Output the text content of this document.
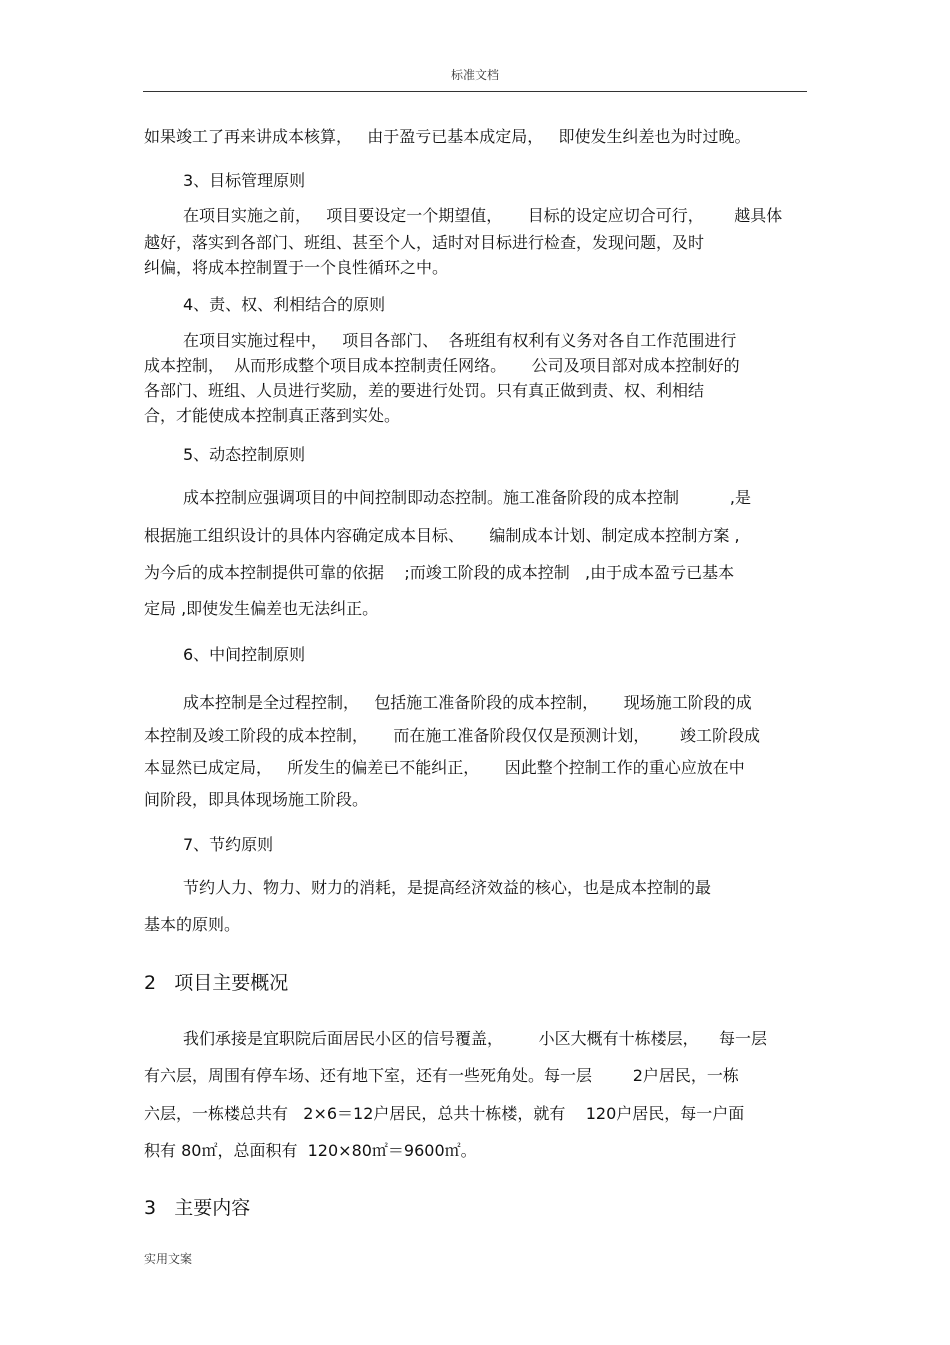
标准文档
如果竣工了再来讲成本核算，   由于盈亏已基本成定局，   即使发生纠差也为时过晚。
3、目标管理原则
在项目实施之前，   项目要设定一个期望值，     目标的设定应切合可行，      越具体
越好，落实到各部门、班组、甚至个人，适时对目标进行检查，发现问题，及时
纠偏，将成本控制置于一个良性循环之中。
4、责、权、利相结合的原则
在项目实施过程中，   项目各部门、  各班组有权利有义务对各自工作范围进行
成本控制，  从而形成整个项目成本控制责任网络。     公司及项目部对成本控制好的
各部门、班组、人员进行奖励，差的要进行处罚。只有真正做到责、权、利相结
合，才能使成本控制真正落到实处。
5、动态控制原则
成本控制应强调项目的中间控制即动态控制。施工准备阶段的成本控制          ,是
根据施工组织设计的具体内容确定成本目标、     编制成本计划、制定成本控制方案 ,
为今后的成本控制提供可靠的依据    ;而竣工阶段的成本控制   ,由于成本盈亏已基本
定局 ,即使发生偏差也无法纠正。
6、中间控制原则
成本控制是全过程控制，   包括施工准备阶段的成本控制，     现场施工阶段的成
本控制及竣工阶段的成本控制，     而在施工准备阶段仅仅是预测计划，      竣工阶段成
本显然已成定局，   所发生的偏差已不能纠正，     因此整个控制工作的重心应放在中
间阶段，即具体现场施工阶段。
7、节约原则
节约人力、物力、财力的消耗，是提高经济效益的核心，也是成本控制的最
基本的原则。
2   项目主要概况
我们承接是宜职院后面居民小区的信号覆盖，       小区大概有十栋楼层，    每一层
有六层，周围有停车场、还有地下室，还有一些死角处。每一层        2户居民，一栋
六层，一栋楼总共有   2×6＝12户居民，总共十栋楼，就有    120户居民，每一户面
积有 80㎡，总面积有  120×80㎡＝9600㎡。
3   主要内容
实用文案
